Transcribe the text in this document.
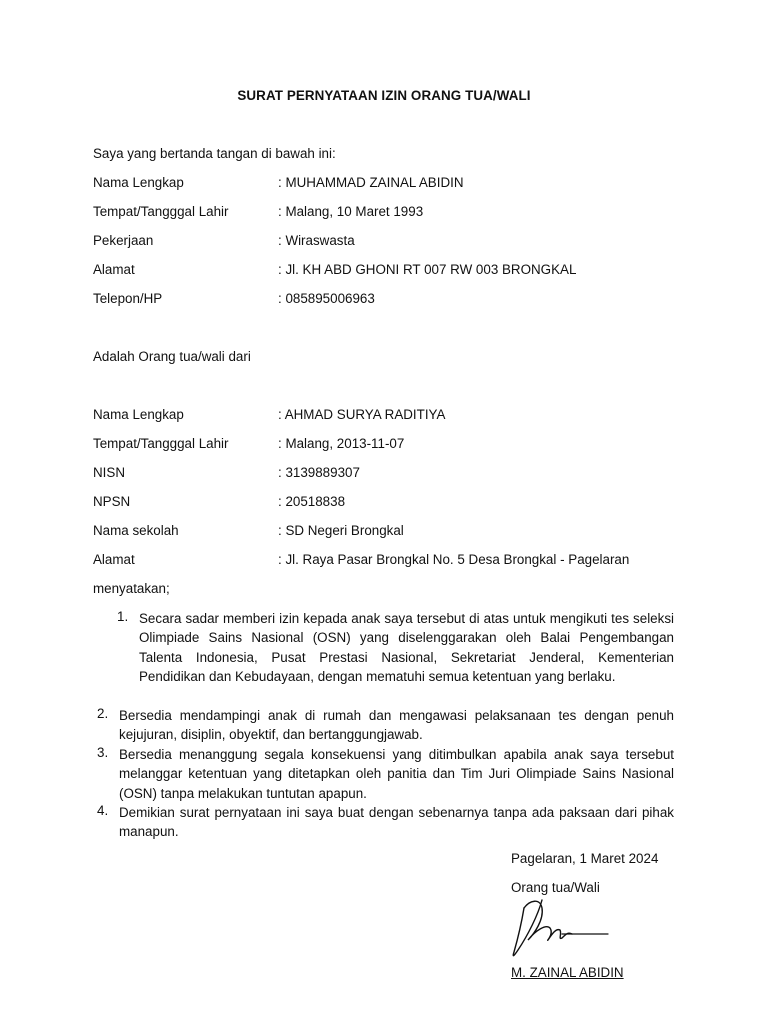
SURAT PERNYATAAN IZIN ORANG TUA/WALI
Saya yang bertanda tangan di bawah ini:
Nama Lengkap	: MUHAMMAD ZAINAL ABIDIN
Tempat/Tangggal Lahir	: Malang, 10 Maret 1993
Pekerjaan	: Wiraswasta
Alamat	: Jl. KH ABD GHONI RT 007 RW 003 BRONGKAL
Telepon/HP	: 085895006963
Adalah Orang tua/wali dari
Nama Lengkap	: AHMAD SURYA RADITIYA
Tempat/Tangggal Lahir	: Malang, 2013-11-07
NISN	: 3139889307
NPSN	: 20518838
Nama sekolah	: SD Negeri Brongkal
Alamat	: Jl. Raya Pasar Brongkal No. 5 Desa Brongkal - Pagelaran
menyatakan;
1. Secara sadar memberi izin kepada anak saya tersebut di atas untuk mengikuti tes seleksi Olimpiade Sains Nasional (OSN) yang diselenggarakan oleh Balai Pengembangan Talenta Indonesia, Pusat Prestasi Nasional, Sekretariat Jenderal, Kementerian Pendidikan dan Kebudayaan, dengan mematuhi semua ketentuan yang berlaku.
2. Bersedia mendampingi anak di rumah dan mengawasi pelaksanaan tes dengan penuh kejujuran, disiplin, obyektif, dan bertanggungjawab.
3. Bersedia menanggung segala konsekuensi yang ditimbulkan apabila anak saya tersebut melanggar ketentuan yang ditetapkan oleh panitia dan Tim Juri Olimpiade Sains Nasional (OSN) tanpa melakukan tuntutan apapun.
4. Demikian surat pernyataan ini saya buat dengan sebenarnya tanpa ada paksaan dari pihak manapun.
Pagelaran, 1 Maret 2024
Orang tua/Wali
M. ZAINAL ABIDIN
